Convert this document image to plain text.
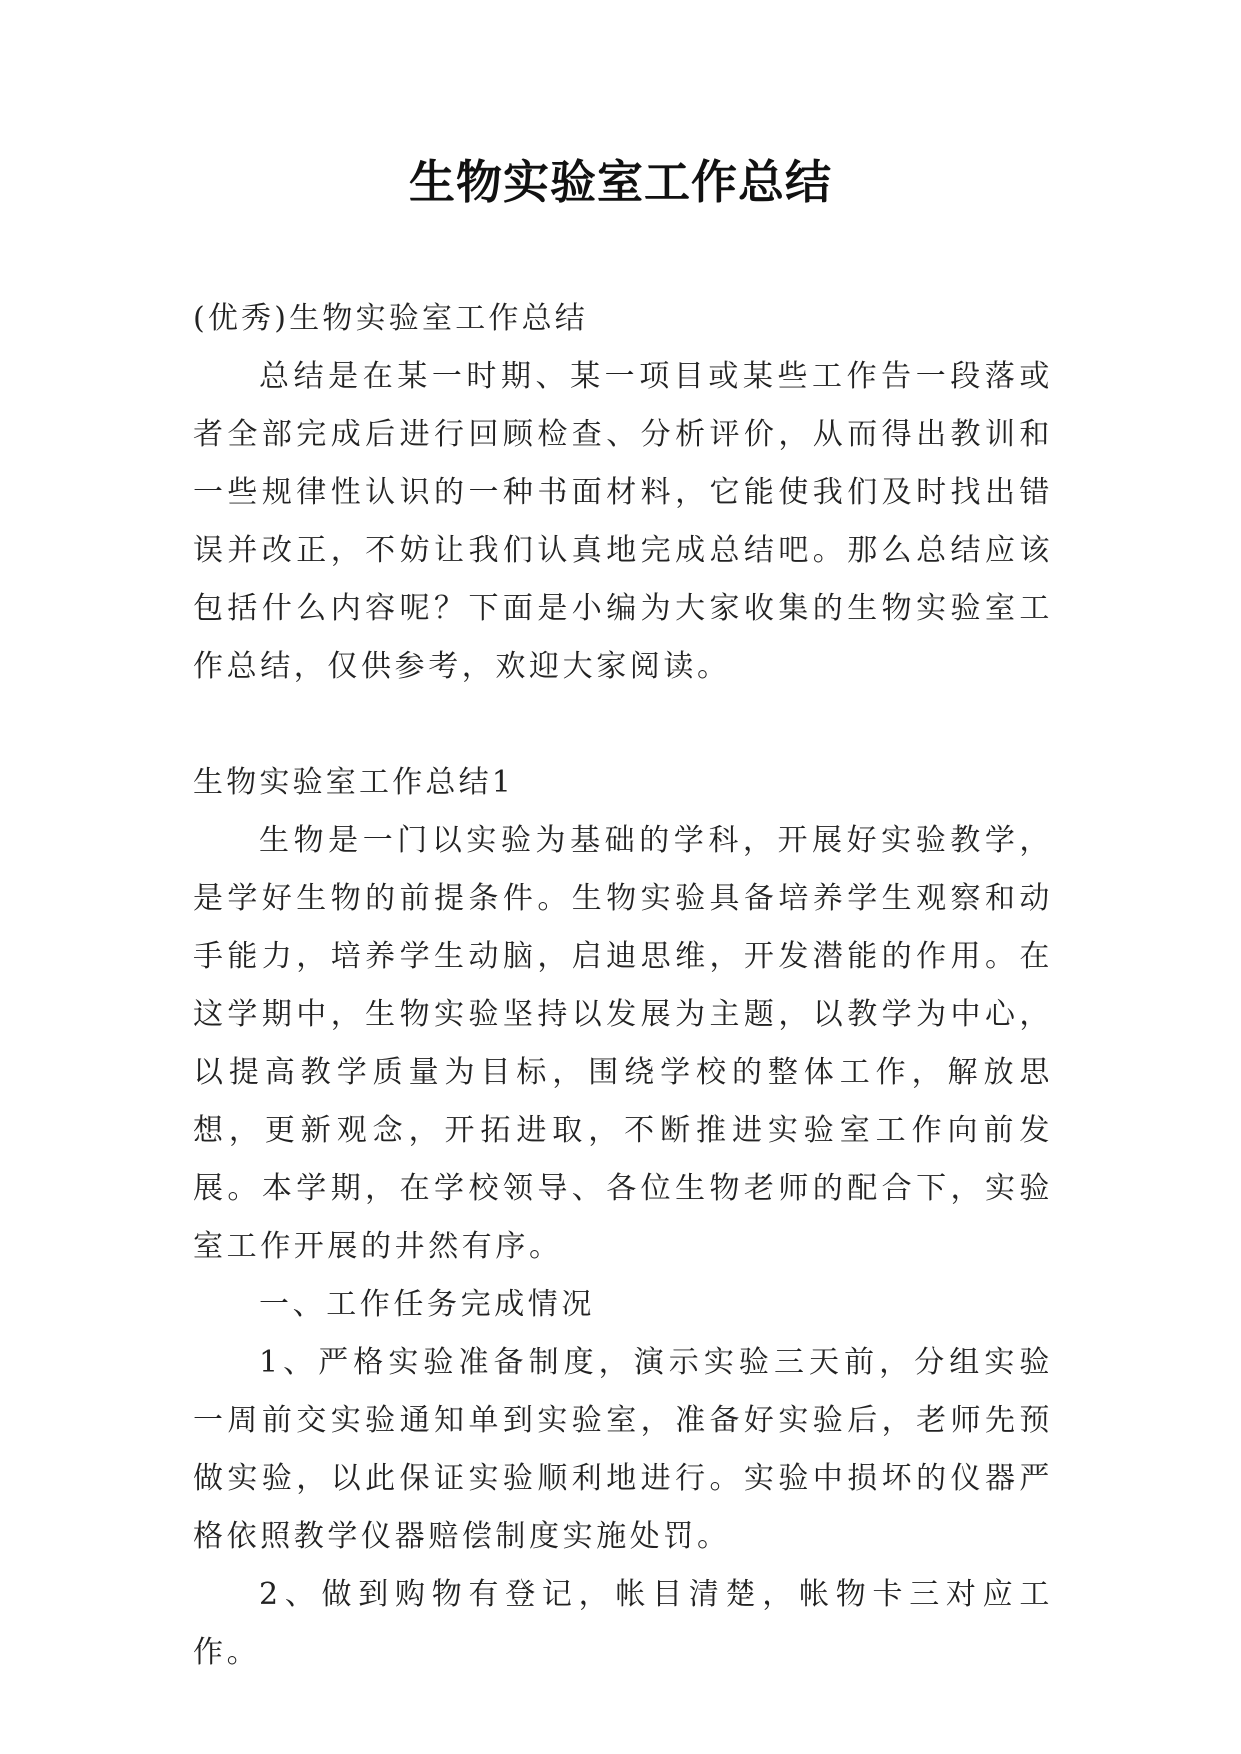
生物实验室工作总结

(优秀)生物实验室工作总结

总结是在某一时期、某一项目或某些工作告一段落或者全部完成后进行回顾检查、分析评价，从而得出教训和一些规律性认识的一种书面材料，它能使我们及时找出错误并改正，不妨让我们认真地完成总结吧。那么总结应该包括什么内容呢？下面是小编为大家收集的生物实验室工作总结，仅供参考，欢迎大家阅读。

生物实验室工作总结1

生物是一门以实验为基础的学科，开展好实验教学，是学好生物的前提条件。生物实验具备培养学生观察和动手能力，培养学生动脑，启迪思维，开发潜能的作用。在这学期中，生物实验坚持以发展为主题，以教学为中心，以提高教学质量为目标，围绕学校的整体工作，解放思想，更新观念，开拓进取，不断推进实验室工作向前发展。本学期，在学校领导、各位生物老师的配合下，实验室工作开展的井然有序。

一、工作任务完成情况

1、严格实验准备制度，演示实验三天前，分组实验一周前交实验通知单到实验室，准备好实验后，老师先预做实验，以此保证实验顺利地进行。实验中损坏的仪器严格依照教学仪器赔偿制度实施处罚。

2、做到购物有登记，帐目清楚，帐物卡三对应工作。
